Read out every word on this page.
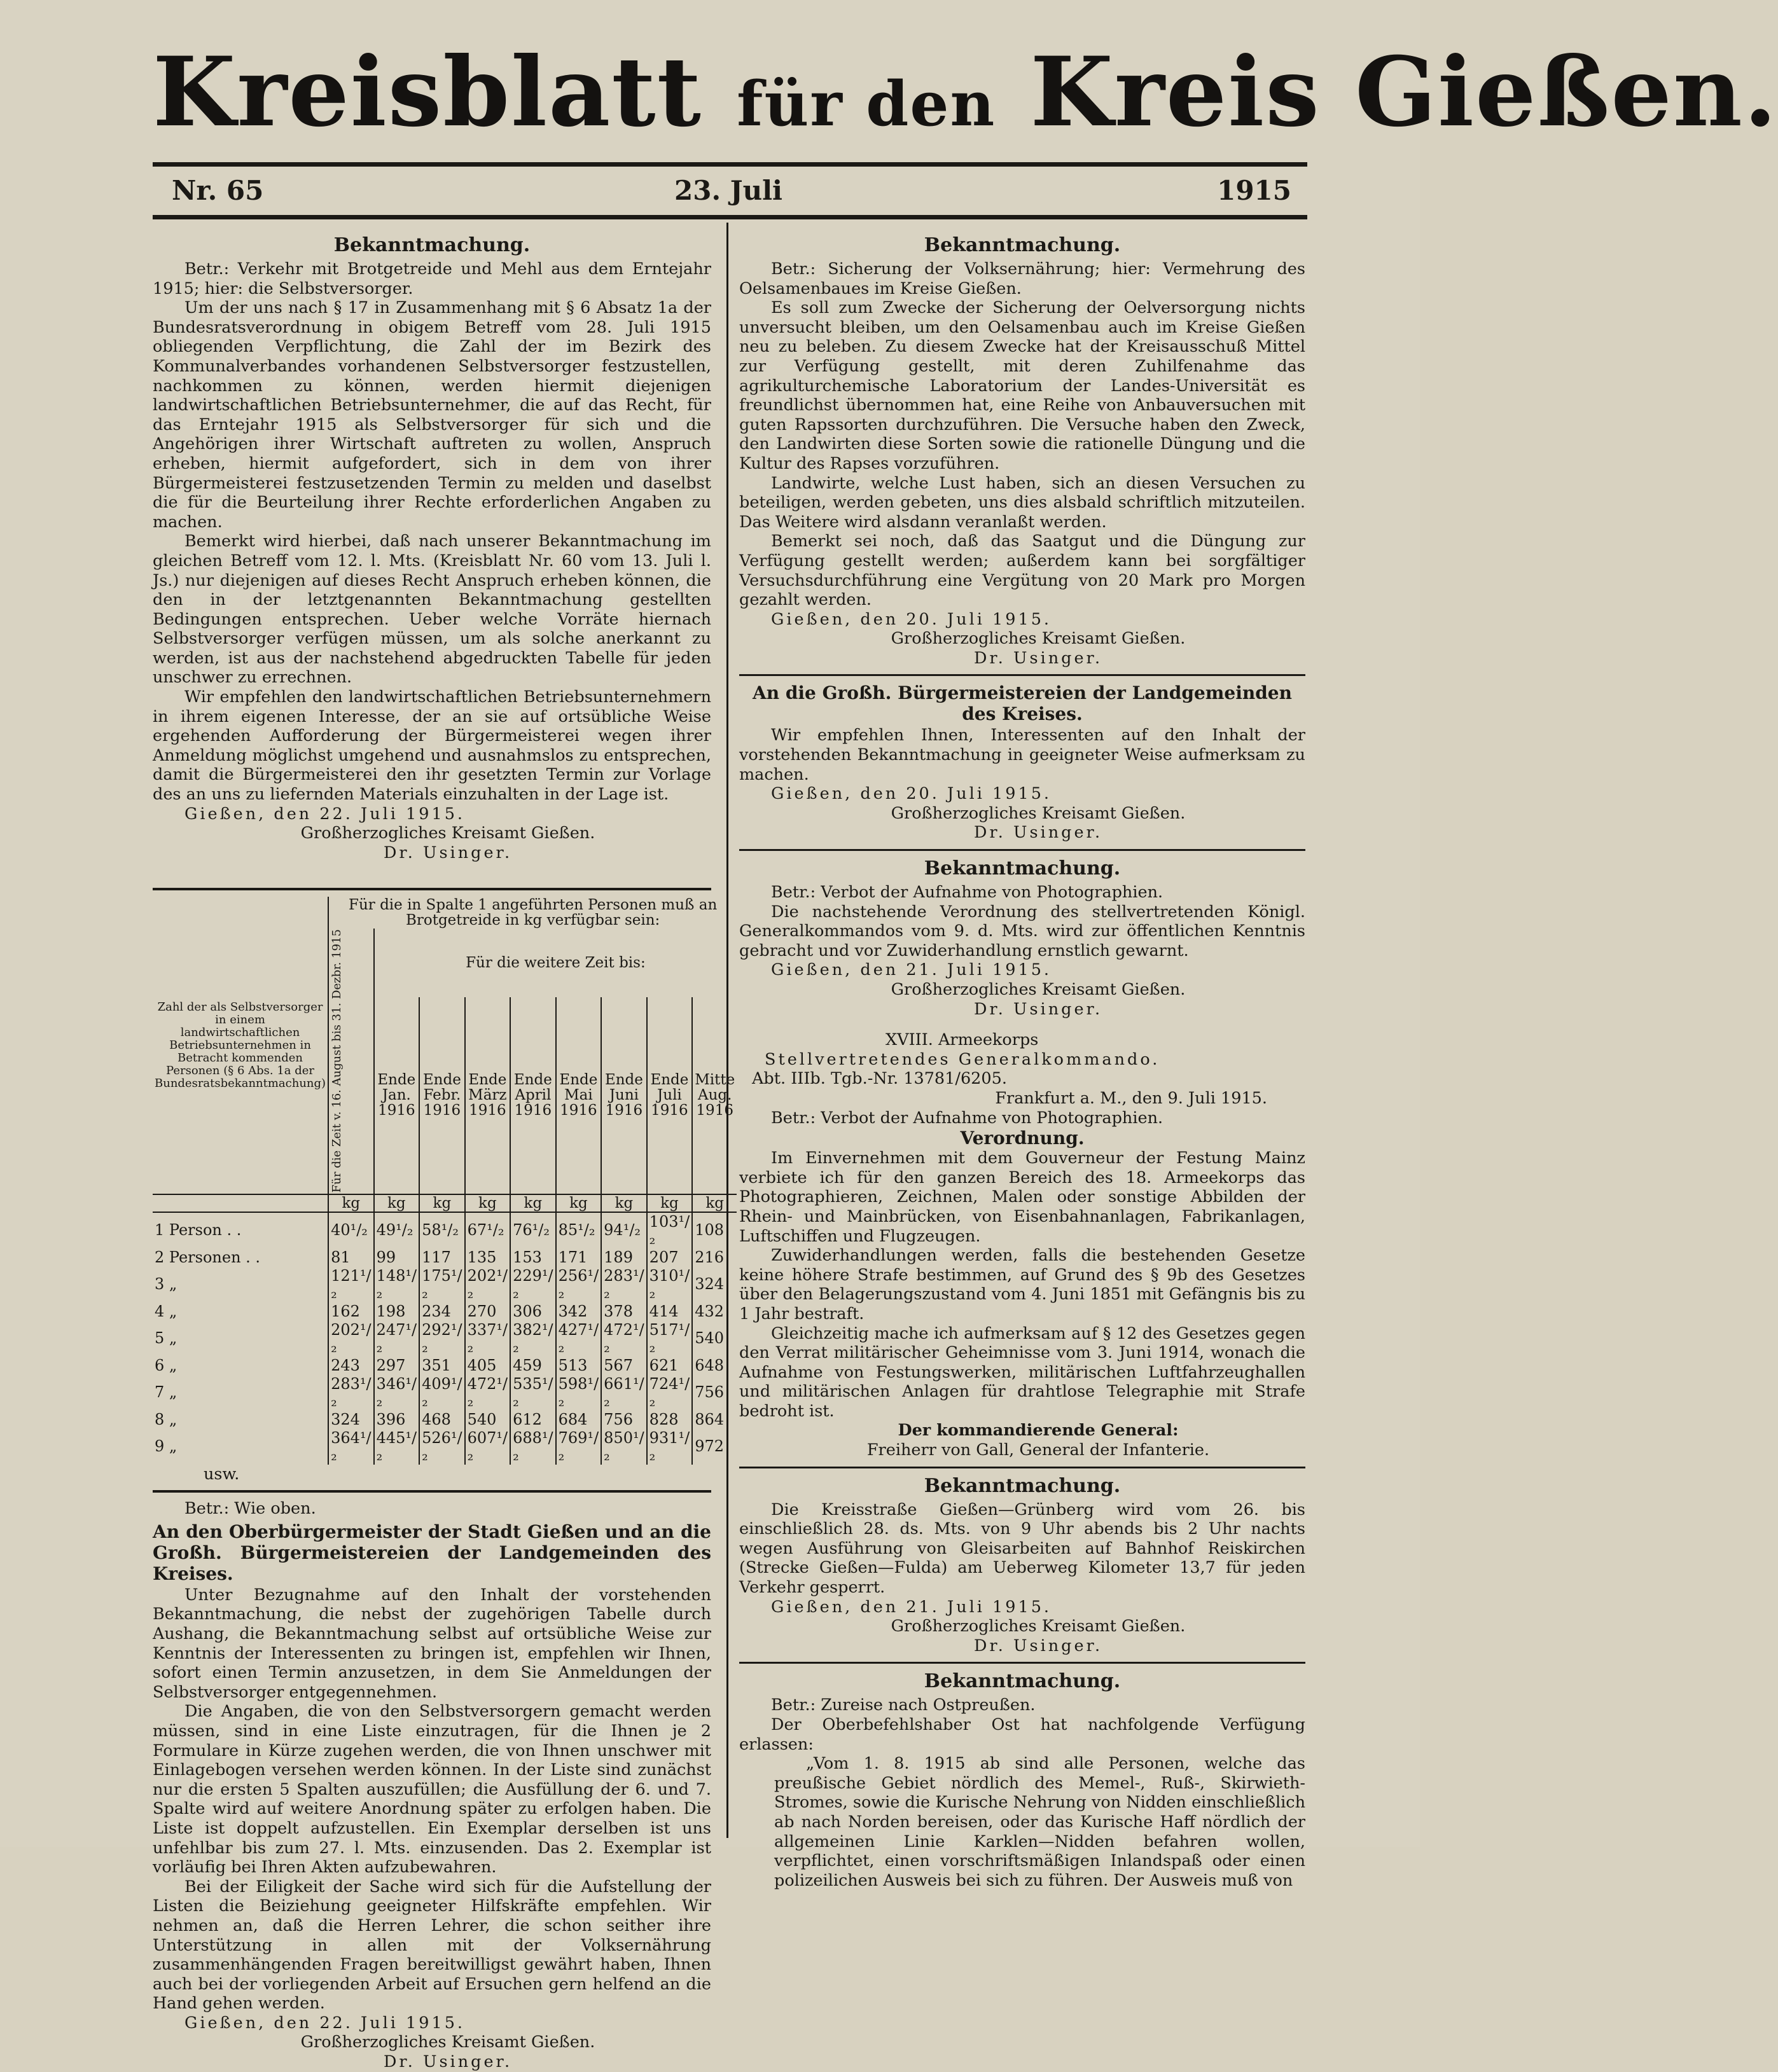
Kreisblatt für den Kreis Gießen.
Nr. 65	23. Juli	1915
Bekanntmachung.

Betr.: Verkehr mit Brotgetreide und Mehl aus dem Erntejahr 1915; hier: die Selbstversorger.

Um der uns nach § 17 in Zusammenhang mit § 6 Absatz 1a der Bundesratsverordnung in obigem Betreff vom 28. Juli 1915 obliegenden Verpflichtung, die Zahl der im Bezirk des Kommunalverbandes vorhandenen Selbstversorger festzustellen, nachkommen zu können, werden hiermit diejenigen landwirtschaftlichen Betriebsunternehmer, die auf das Recht, für das Erntejahr 1915 als Selbstversorger für sich und die Angehörigen ihrer Wirtschaft auftreten zu wollen, Anspruch erheben, hiermit aufgefordert, sich in dem von ihrer Bürgermeisterei festzusetzenden Termin zu melden und daselbst die für die Beurteilung ihrer Rechte erforderlichen Angaben zu machen.

Bemerkt wird hierbei, daß nach unserer Bekanntmachung im gleichen Betreff vom 12. l. Mts. (Kreisblatt Nr. 60 vom 13. Juli l. Js.) nur diejenigen auf dieses Recht Anspruch erheben können, die den in der letztgenannten Bekanntmachung gestellten Bedingungen entsprechen. Ueber welche Vorräte hiernach Selbstversorger verfügen müssen, um als solche anerkannt zu werden, ist aus der nachstehend abgedruckten Tabelle für jeden unschwer zu errechnen.

Wir empfehlen den landwirtschaftlichen Betriebsunternehmern in ihrem eigenen Interesse, der an sie auf ortsübliche Weise ergehenden Aufforderung der Bürgermeisterei wegen ihrer Anmeldung möglichst umgehend und ausnahmslos zu entsprechen, damit die Bürgermeisterei den ihr gesetzten Termin zur Vorlage des an uns zu liefernden Materials einzuhalten in der Lage ist.

Gießen, den 22. Juli 1915.

Großherzogliches Kreisamt Gießen.

Dr. Usinger.

Zahl der als Selbstversorger in einem landwirtschaftlichen Betriebsunternehmen in Betracht kommenden Personen (§ 6 Abs. 1a der Bundesratsbekanntmachung)	Für die in Spalte 1 angeführten Personen muß an Brotgetreide in kg verfügbar sein:								

	Für die Zeit v. 16. August bis 31. Dezbr. 1915	Für die weitere Zeit bis:							
		Ende Jan. 1916	Ende Febr. 1916	Ende März 1916	Ende April 1916	Ende Mai 1916	Ende Juni 1916	Ende Juli 1916	Mitte Aug. 1916
	kg	kg	kg	kg	kg	kg	kg	kg	kg
1 Person . .	40¹/₂	49¹/₂	58¹/₂	67¹/₂	76¹/₂	85¹/₂	94¹/₂	103¹/₂	108
2 Personen . .	81	99	117	135	153	171	189	207	216
3 „	121¹/₂	148¹/₂	175¹/₂	202¹/₂	229¹/₂	256¹/₂	283¹/₂	310¹/₂	324
4 „	162	198	234	270	306	342	378	414	432
5 „	202¹/₂	247¹/₂	292¹/₂	337¹/₂	382¹/₂	427¹/₂	472¹/₂	517¹/₂	540
6 „	243	297	351	405	459	513	567	621	648
7 „	283¹/₂	346¹/₂	409¹/₂	472¹/₂	535¹/₂	598¹/₂	661¹/₂	724¹/₂	756
8 „	324	396	468	540	612	684	756	828	864
9 „	364¹/₂	445¹/₂	526¹/₂	607¹/₂	688¹/₂	769¹/₂	850¹/₂	931¹/₂	972

usw.

Betr.: Wie oben.

An den Oberbürgermeister der Stadt Gießen und an die Großh. Bürgermeistereien der Landgemeinden des Kreises.

Unter Bezugnahme auf den Inhalt der vorstehenden Bekanntmachung, die nebst der zugehörigen Tabelle durch Aushang, die Bekanntmachung selbst auf ortsübliche Weise zur Kenntnis der Interessenten zu bringen ist, empfehlen wir Ihnen, sofort einen Termin anzusetzen, in dem Sie Anmeldungen der Selbstversorger entgegennehmen.

Die Angaben, die von den Selbstversorgern gemacht werden müssen, sind in eine Liste einzutragen, für die Ihnen je 2 Formulare in Kürze zugehen werden, die von Ihnen unschwer mit Einlagebogen versehen werden können. In der Liste sind zunächst nur die ersten 5 Spalten auszufüllen; die Ausfüllung der 6. und 7. Spalte wird auf weitere Anordnung später zu erfolgen haben. Die Liste ist doppelt aufzustellen. Ein Exemplar derselben ist uns unfehlbar bis zum 27. l. Mts. einzusenden. Das 2. Exemplar ist vorläufig bei Ihren Akten aufzubewahren.

Bei der Eiligkeit der Sache wird sich für die Aufstellung der Listen die Beiziehung geeigneter Hilfskräfte empfehlen. Wir nehmen an, daß die Herren Lehrer, die schon seither ihre Unterstützung in allen mit der Volksernährung zusammenhängenden Fragen bereitwilligst gewährt haben, Ihnen auch bei der vorliegenden Arbeit auf Ersuchen gern helfend an die Hand gehen werden.

Gießen, den 22. Juli 1915.

Großherzogliches Kreisamt Gießen.

Dr. Usinger.

Bekanntmachung.

Betr.: Sicherung der Volksernährung; hier: Vermehrung des Oelsamenbaues im Kreise Gießen.

Es soll zum Zwecke der Sicherung der Oelversorgung nichts unversucht bleiben, um den Oelsamenbau auch im Kreise Gießen neu zu beleben. Zu diesem Zwecke hat der Kreisausschuß Mittel zur Verfügung gestellt, mit deren Zuhilfenahme das agrikulturchemische Laboratorium der Landes-Universität es freundlichst übernommen hat, eine Reihe von Anbauversuchen mit guten Rapssorten durchzuführen. Die Versuche haben den Zweck, den Landwirten diese Sorten sowie die rationelle Düngung und die Kultur des Rapses vorzuführen.

Landwirte, welche Lust haben, sich an diesen Versuchen zu beteiligen, werden gebeten, uns dies alsbald schriftlich mitzuteilen. Das Weitere wird alsdann veranlaßt werden.

Bemerkt sei noch, daß das Saatgut und die Düngung zur Verfügung gestellt werden; außerdem kann bei sorgfältiger Versuchsdurchführung eine Vergütung von 20 Mark pro Morgen gezahlt werden.

Gießen, den 20. Juli 1915.

Großherzogliches Kreisamt Gießen.

Dr. Usinger.

An die Großh. Bürgermeistereien der Landgemeinden des Kreises.

Wir empfehlen Ihnen, Interessenten auf den Inhalt der vorstehenden Bekanntmachung in geeigneter Weise aufmerksam zu machen.

Gießen, den 20. Juli 1915.

Großherzogliches Kreisamt Gießen.

Dr. Usinger.

Bekanntmachung.

Betr.: Verbot der Aufnahme von Photographien.

Die nachstehende Verordnung des stellvertretenden Königl. Generalkommandos vom 9. d. Mts. wird zur öffentlichen Kenntnis gebracht und vor Zuwiderhandlung ernstlich gewarnt.

Gießen, den 21. Juli 1915.

Großherzogliches Kreisamt Gießen.

Dr. Usinger.

XVIII. Armeekorps

Stellvertretendes Generalkommando.

Abt. IIIb. Tgb.-Nr. 13781/6205.

Frankfurt a. M., den 9. Juli 1915.

Betr.: Verbot der Aufnahme von Photographien.

Verordnung.

Im Einvernehmen mit dem Gouverneur der Festung Mainz verbiete ich für den ganzen Bereich des 18. Armeekorps das Photographieren, Zeichnen, Malen oder sonstige Abbilden der Rhein- und Mainbrücken, von Eisenbahnanlagen, Fabrikanlagen, Luftschiffen und Flugzeugen.

Zuwiderhandlungen werden, falls die bestehenden Gesetze keine höhere Strafe bestimmen, auf Grund des § 9b des Gesetzes über den Belagerungszustand vom 4. Juni 1851 mit Gefängnis bis zu 1 Jahr bestraft.

Gleichzeitig mache ich aufmerksam auf § 12 des Gesetzes gegen den Verrat militärischer Geheimnisse vom 3. Juni 1914, wonach die Aufnahme von Festungswerken, militärischen Luftfahrzeughallen und militärischen Anlagen für drahtlose Telegraphie mit Strafe bedroht ist.

Der kommandierende General:

Freiherr von Gall, General der Infanterie.

Bekanntmachung.

Die Kreisstraße Gießen—Grünberg wird vom 26. bis einschließlich 28. ds. Mts. von 9 Uhr abends bis 2 Uhr nachts wegen Ausführung von Gleisarbeiten auf Bahnhof Reiskirchen (Strecke Gießen—Fulda) am Ueberweg Kilometer 13,7 für jeden Verkehr gesperrt.

Gießen, den 21. Juli 1915.

Großherzogliches Kreisamt Gießen.

Dr. Usinger.

Bekanntmachung.

Betr.: Zureise nach Ostpreußen.

Der Oberbefehlshaber Ost hat nachfolgende Verfügung erlassen:

„Vom 1. 8. 1915 ab sind alle Personen, welche das preußische Gebiet nördlich des Memel-, Ruß-, Skirwieth-Stromes, sowie die Kurische Nehrung von Nidden einschließlich ab nach Norden bereisen, oder das Kurische Haff nördlich der allgemeinen Linie Karklen—Nidden befahren wollen, verpflichtet, einen vorschriftsmäßigen Inlandspaß oder einen polizeilichen Ausweis bei sich zu führen. Der Ausweis muß von
